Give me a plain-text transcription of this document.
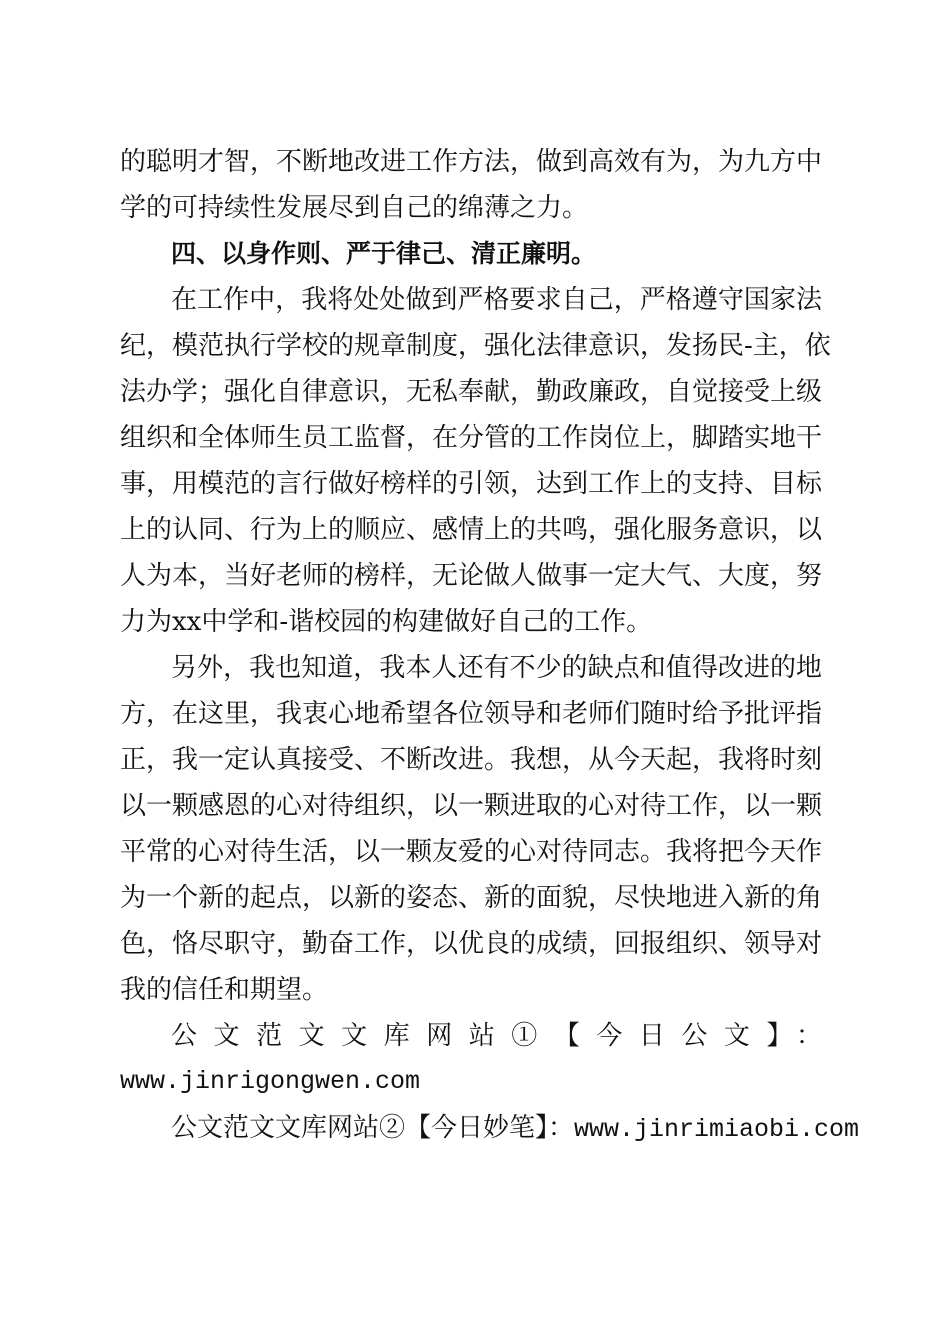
的聪明才智，不断地改进工作方法，做到高效有为，为九方中
学的可持续性发展尽到自己的绵薄之力。
四、以身作则、严于律己、清正廉明。
在工作中，我将处处做到严格要求自己，严格遵守国家法
纪，模范执行学校的规章制度，强化法律意识，发扬民-主，依
法办学；强化自律意识，无私奉献，勤政廉政，自觉接受上级
组织和全体师生员工监督，在分管的工作岗位上，脚踏实地干
事，用模范的言行做好榜样的引领，达到工作上的支持、目标
上的认同、行为上的顺应、感情上的共鸣，强化服务意识，以
人为本，当好老师的榜样，无论做人做事一定大气、大度，努
力为xx中学和-谐校园的构建做好自己的工作。
另外，我也知道，我本人还有不少的缺点和值得改进的地
方，在这里，我衷心地希望各位领导和老师们随时给予批评指
正，我一定认真接受、不断改进。我想，从今天起，我将时刻
以一颗感恩的心对待组织，以一颗进取的心对待工作，以一颗
平常的心对待生活，以一颗友爱的心对待同志。我将把今天作
为一个新的起点，以新的姿态、新的面貌，尽快地进入新的角
色，恪尽职守，勤奋工作，以优良的成绩，回报组织、领导对
我的信任和期望。
公文范文文库网站①【今日公文】：
www.jinrigongwen.com
公文范文文库网站②【今日妙笔】：www.jinrimiaobi.com
